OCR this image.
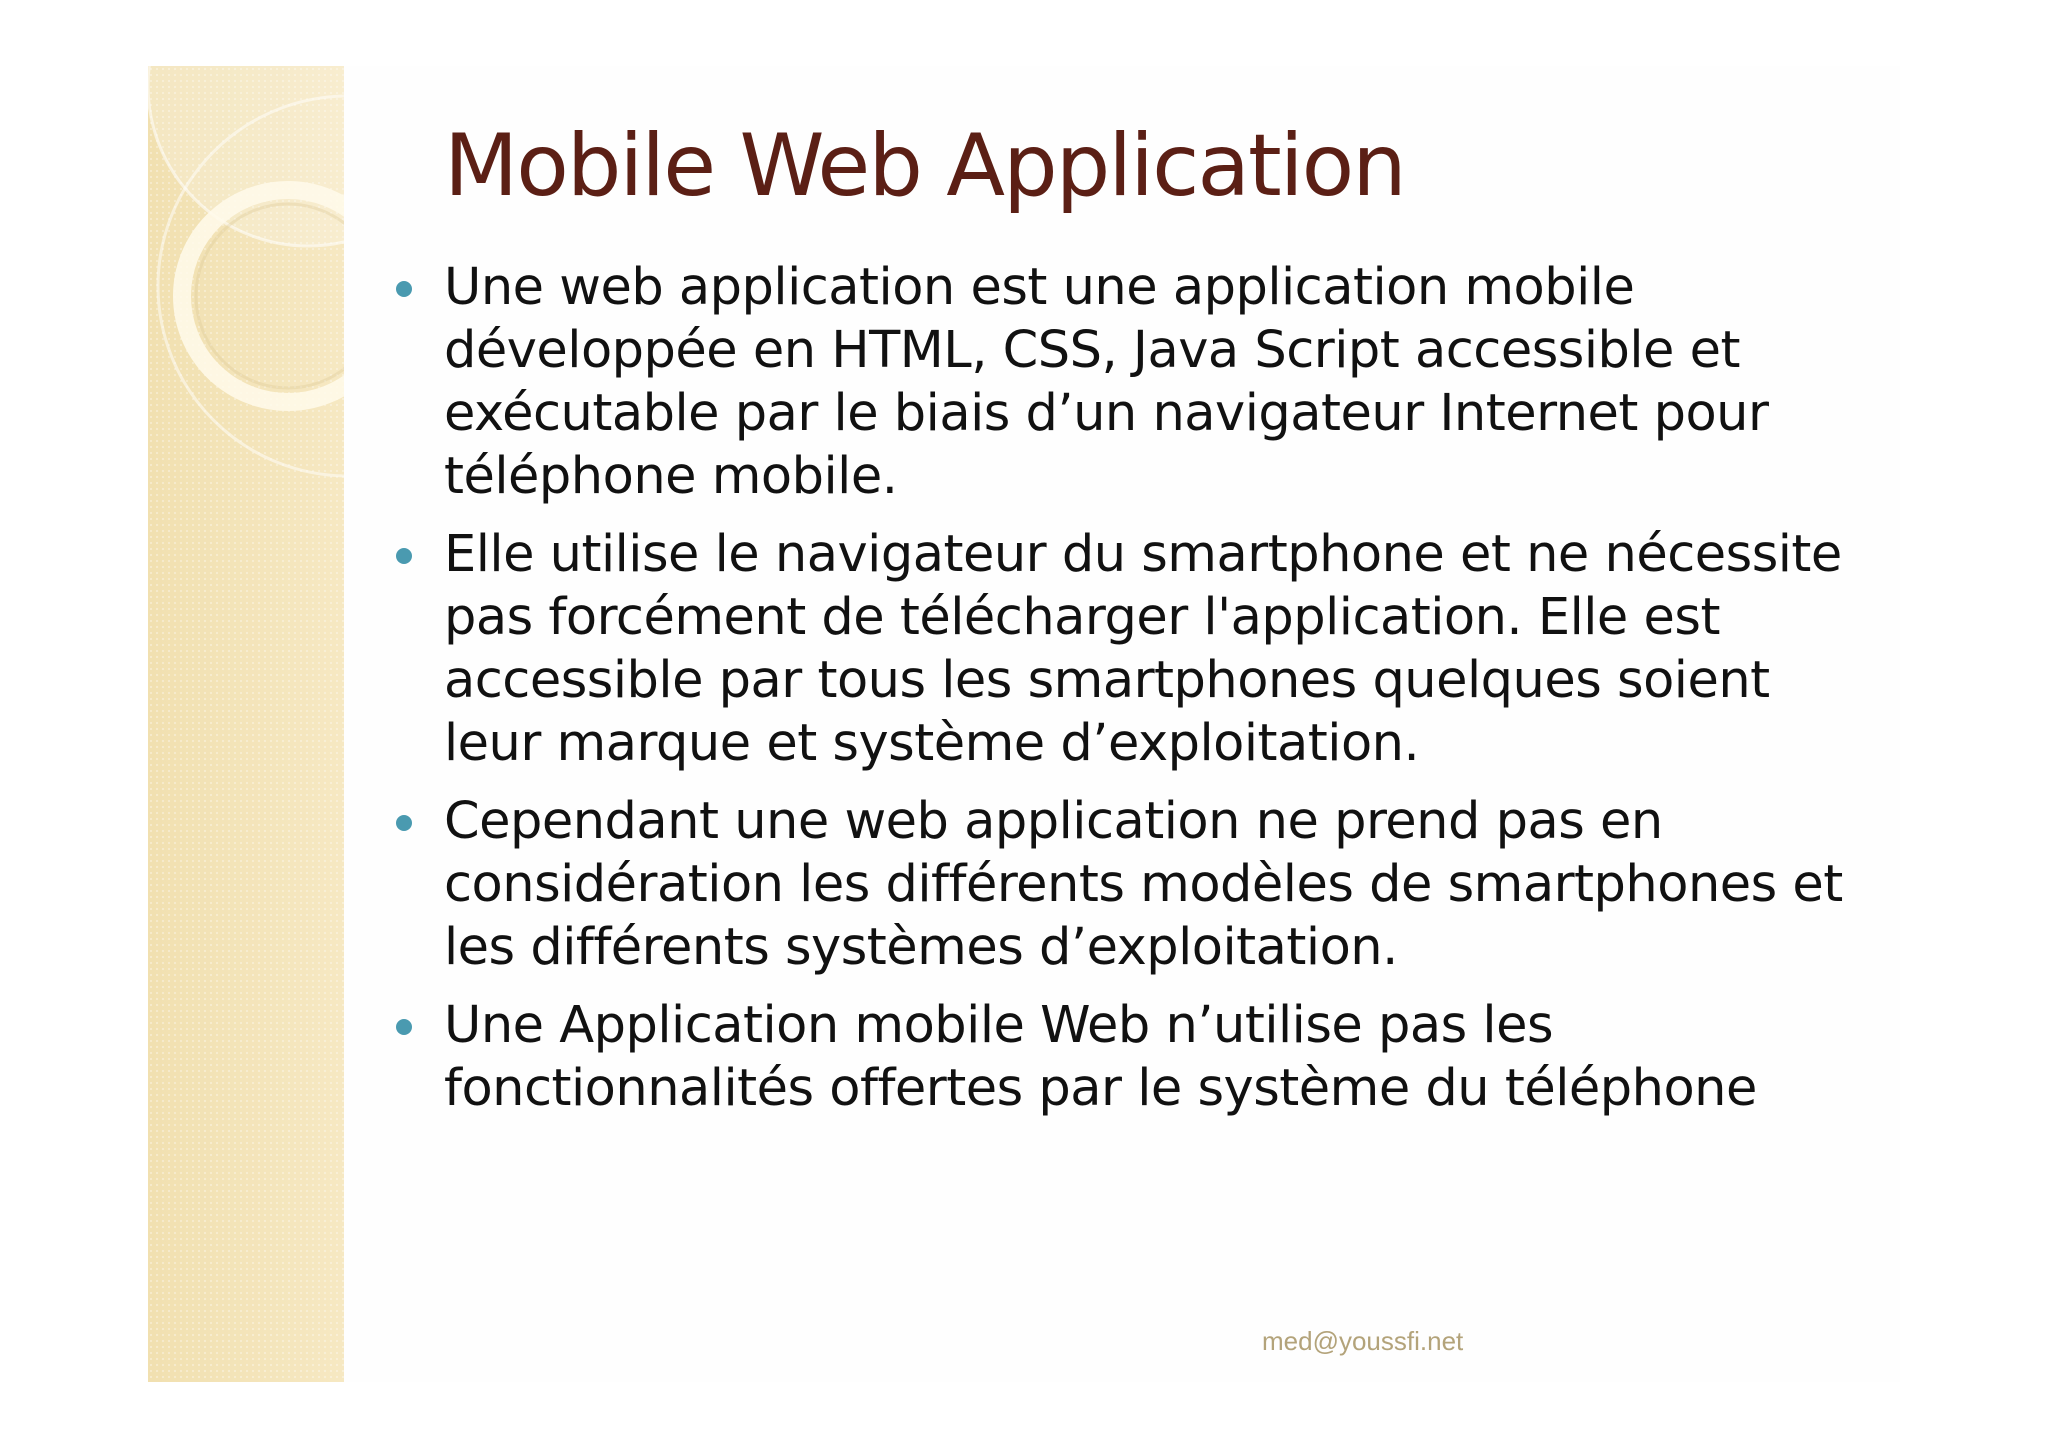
Mobile Web Application
Une web application est une application mobile développée en HTML, CSS, Java Script accessible et exécutable par le biais d’un navigateur Internet pour téléphone mobile.
Elle utilise le navigateur du smartphone et ne nécessite pas forcément de télécharger l'application. Elle est accessible par tous les smartphones quelques soient leur marque et système d’exploitation.
Cependant une web application ne prend pas en considération les différents modèles de smartphones et les différents systèmes d’exploitation.
Une Application mobile Web n’utilise pas les fonctionnalités offertes par le système du téléphone
med@youssfi.net
